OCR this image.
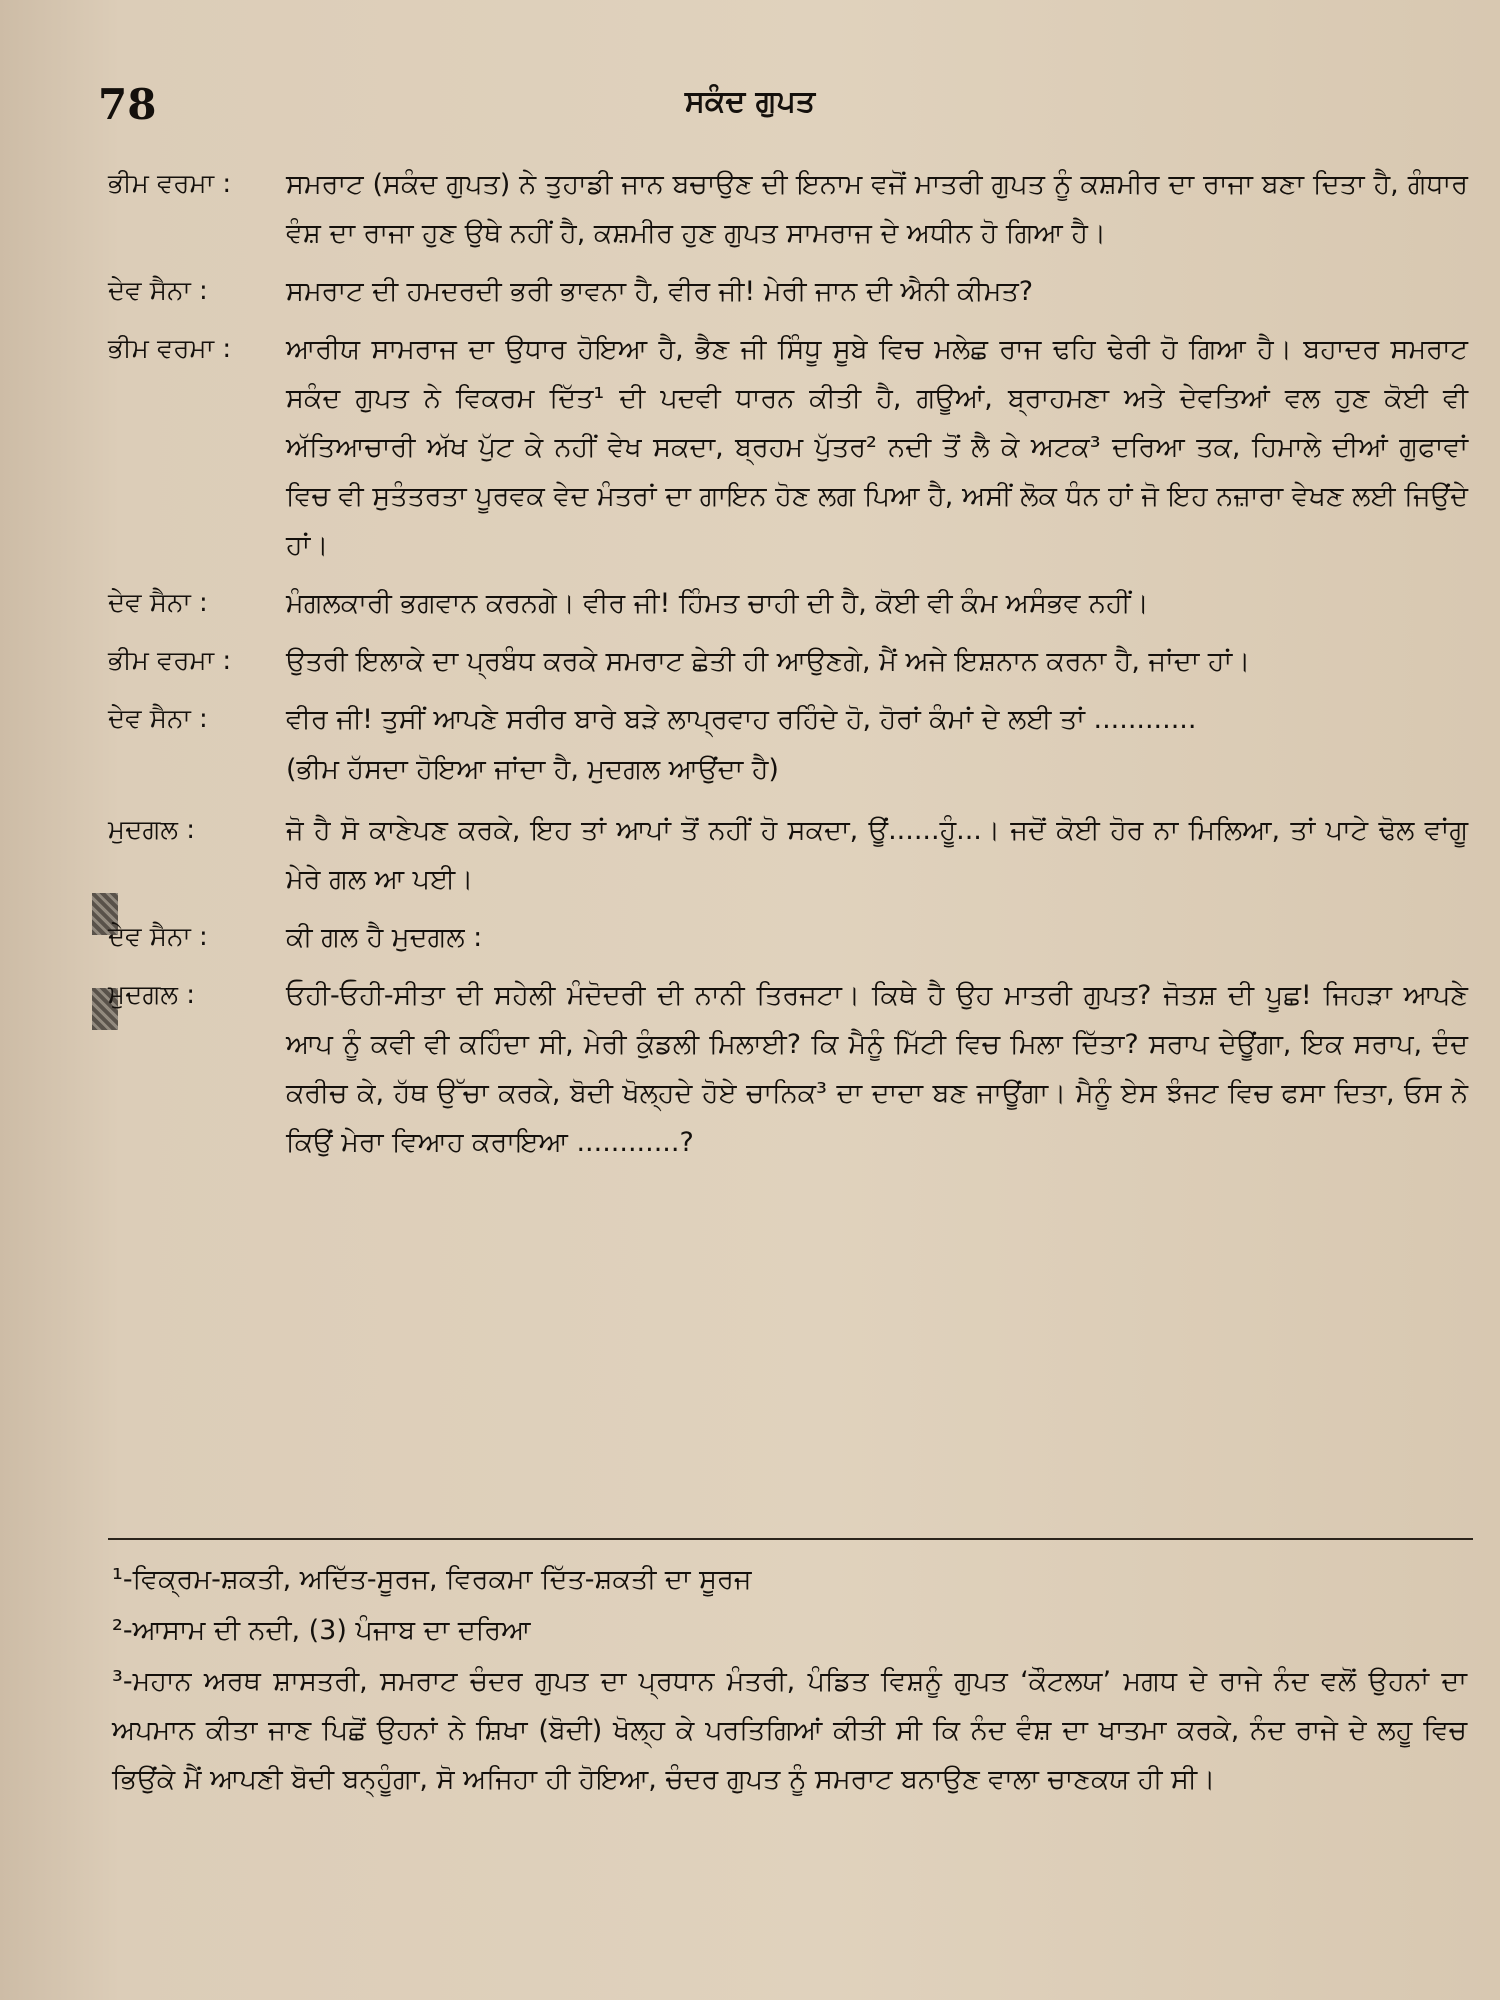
78	ਸਕੰਦ ਗੁਪਤ
ਭੀਮ ਵਰਮਾ :	ਸਮਰਾਟ (ਸਕੰਦ ਗੁਪਤ) ਨੇ ਤੁਹਾਡੀ ਜਾਨ ਬਚਾਉਣ ਦੀ ਇਨਾਮ ਵਜੋਂ ਮਾਤਰੀ ਗੁਪਤ ਨੂੰ ਕਸ਼ਮੀਰ ਦਾ ਰਾਜਾ ਬਣਾ ਦਿਤਾ ਹੈ, ਗੰਧਾਰ ਵੰਸ਼ ਦਾ ਰਾਜਾ ਹੁਣ ਉਥੇ ਨਹੀਂ ਹੈ, ਕਸ਼ਮੀਰ ਹੁਣ ਗੁਪਤ ਸਾਮਰਾਜ ਦੇ ਅਧੀਨ ਹੋ ਗਿਆ ਹੈ।
ਦੇਵ ਸੈਨਾ :	ਸਮਰਾਟ ਦੀ ਹਮਦਰਦੀ ਭਰੀ ਭਾਵਨਾ ਹੈ, ਵੀਰ ਜੀ! ਮੇਰੀ ਜਾਨ ਦੀ ਐਨੀ ਕੀਮਤ?
ਭੀਮ ਵਰਮਾ :	ਆਰੀਯ ਸਾਮਰਾਜ ਦਾ ਉਧਾਰ ਹੋਇਆ ਹੈ, ਭੈਣ ਜੀ ਸਿੰਧੂ ਸੂਬੇ ਵਿਚ ਮਲੇਛ ਰਾਜ ਢਹਿ ਢੇਰੀ ਹੋ ਗਿਆ ਹੈ। ਬਹਾਦਰ ਸਮਰਾਟ ਸਕੰਦ ਗੁਪਤ ਨੇ ਵਿਕਰਮ ਦਿੱਤ¹ ਦੀ ਪਦਵੀ ਧਾਰਨ ਕੀਤੀ ਹੈ, ਗਊਆਂ, ਬ੍ਰਾਹਮਣਾ ਅਤੇ ਦੇਵਤਿਆਂ ਵਲ ਹੁਣ ਕੋਈ ਵੀ ਅੱਤਿਆਚਾਰੀ ਅੱਖ ਪੁੱਟ ਕੇ ਨਹੀਂ ਵੇਖ ਸਕਦਾ, ਬ੍ਰਹਮ ਪੁੱਤਰ² ਨਦੀ ਤੋਂ ਲੈ ਕੇ ਅਟਕ³ ਦਰਿਆ ਤਕ, ਹਿਮਾਲੇ ਦੀਆਂ ਗੁਫਾਵਾਂ ਵਿਚ ਵੀ ਸੁਤੰਤਰਤਾ ਪੂਰਵਕ ਵੇਦ ਮੰਤਰਾਂ ਦਾ ਗਾਇਨ ਹੋਣ ਲਗ ਪਿਆ ਹੈ, ਅਸੀਂ ਲੋਕ ਧੰਨ ਹਾਂ ਜੋ ਇਹ ਨਜ਼ਾਰਾ ਵੇਖਣ ਲਈ ਜਿਉਂਦੇ ਹਾਂ।
ਦੇਵ ਸੈਨਾ :	ਮੰਗਲਕਾਰੀ ਭਗਵਾਨ ਕਰਨਗੇ। ਵੀਰ ਜੀ! ਹਿੰਮਤ ਚਾਹੀ ਦੀ ਹੈ, ਕੋਈ ਵੀ ਕੰਮ ਅਸੰਭਵ ਨਹੀਂ।
ਭੀਮ ਵਰਮਾ :	ਉਤਰੀ ਇਲਾਕੇ ਦਾ ਪ੍ਰਬੰਧ ਕਰਕੇ ਸਮਰਾਟ ਛੇਤੀ ਹੀ ਆਉਣਗੇ, ਮੈਂ ਅਜੇ ਇਸ਼ਨਾਨ ਕਰਨਾ ਹੈ, ਜਾਂਦਾ ਹਾਂ।
ਦੇਵ ਸੈਨਾ :	ਵੀਰ ਜੀ! ਤੁਸੀਂ ਆਪਣੇ ਸਰੀਰ ਬਾਰੇ ਬੜੇ ਲਾਪ੍ਰਵਾਹ ਰਹਿੰਦੇ ਹੋ, ਹੋਰਾਂ ਕੰਮਾਂ ਦੇ ਲਈ ਤਾਂ ............
(ਭੀਮ ਹੱਸਦਾ ਹੋਇਆ ਜਾਂਦਾ ਹੈ, ਮੁਦਗਲ ਆਉਂਦਾ ਹੈ)
ਮੁਦਗਲ :	ਜੋ ਹੈ ਸੋ ਕਾਣੇਪਣ ਕਰਕੇ, ਇਹ ਤਾਂ ਆਪਾਂ ਤੋਂ ਨਹੀਂ ਹੋ ਸਕਦਾ, ਊਂ......ਹੂੰ...। ਜਦੋਂ ਕੋਈ ਹੋਰ ਨਾ ਮਿਲਿਆ, ਤਾਂ ਪਾਟੇ ਢੋਲ ਵਾਂਗੂ ਮੇਰੇ ਗਲ ਆ ਪਈ।
ਦੇਵ ਸੈਨਾ :	ਕੀ ਗਲ ਹੈ ਮੁਦਗਲ :
ਮੁਦਗਲ :	ਓਹੀ-ਓਹੀ-ਸੀਤਾ ਦੀ ਸਹੇਲੀ ਮੰਦੋਦਰੀ ਦੀ ਨਾਨੀ ਤਿਰਜਟਾ। ਕਿਥੇ ਹੈ ਉਹ ਮਾਤਰੀ ਗੁਪਤ? ਜੋਤਸ਼ ਦੀ ਪੂਛ! ਜਿਹੜਾ ਆਪਣੇ ਆਪ ਨੂੰ ਕਵੀ ਵੀ ਕਹਿੰਦਾ ਸੀ, ਮੇਰੀ ਕੁੰਡਲੀ ਮਿਲਾਈ? ਕਿ ਮੈਨੂੰ ਮਿੱਟੀ ਵਿਚ ਮਿਲਾ ਦਿੱਤਾ? ਸਰਾਪ ਦੇਊਂਗਾ, ਇਕ ਸਰਾਪ, ਦੰਦ ਕਰੀਚ ਕੇ, ਹੱਥ ਉੱਚਾ ਕਰਕੇ, ਬੋਦੀ ਖੋਲ੍ਹਦੇ ਹੋਏ ਚਾਨਿਕ³ ਦਾ ਦਾਦਾ ਬਣ ਜਾਊਂਗਾ। ਮੈਨੂੰ ਏਸ ਝੰਜਟ ਵਿਚ ਫਸਾ ਦਿਤਾ, ਓਸ ਨੇ ਕਿਉਂ ਮੇਰਾ ਵਿਆਹ ਕਰਾਇਆ ............?
¹-ਵਿਕ੍ਰਮ-ਸ਼ਕਤੀ, ਅਦਿੱਤ-ਸੂਰਜ, ਵਿਰਕਮਾ ਦਿੱਤ-ਸ਼ਕਤੀ ਦਾ ਸੂਰਜ
²-ਆਸਾਮ ਦੀ ਨਦੀ, (3) ਪੰਜਾਬ ਦਾ ਦਰਿਆ
³-ਮਹਾਨ ਅਰਥ ਸ਼ਾਸਤਰੀ, ਸਮਰਾਟ ਚੰਦਰ ਗੁਪਤ ਦਾ ਪ੍ਰਧਾਨ ਮੰਤਰੀ, ਪੰਡਿਤ ਵਿਸ਼ਨੂੰ ਗੁਪਤ ‘ਕੌਟਲਯ’ ਮਗਧ ਦੇ ਰਾਜੇ ਨੰਦ ਵਲੋਂ ਉਹਨਾਂ ਦਾ ਅਪਮਾਨ ਕੀਤਾ ਜਾਣ ਪਿਛੋਂ ਉਹਨਾਂ ਨੇ ਸ਼ਿਖਾ (ਬੋਦੀ) ਖੋਲ੍ਹ ਕੇ ਪਰਤਿਗਿਆਂ ਕੀਤੀ ਸੀ ਕਿ ਨੰਦ ਵੰਸ਼ ਦਾ ਖਾਤਮਾ ਕਰਕੇ, ਨੰਦ ਰਾਜੇ ਦੇ ਲਹੂ ਵਿਚ ਭਿਉਂਕੇ ਮੈਂ ਆਪਣੀ ਬੋਦੀ ਬਨ੍ਹੂੰਗਾ, ਸੋ ਅਜਿਹਾ ਹੀ ਹੋਇਆ, ਚੰਦਰ ਗੁਪਤ ਨੂੰ ਸਮਰਾਟ ਬਨਾਉਣ ਵਾਲਾ ਚਾਣਕਯ ਹੀ ਸੀ।
